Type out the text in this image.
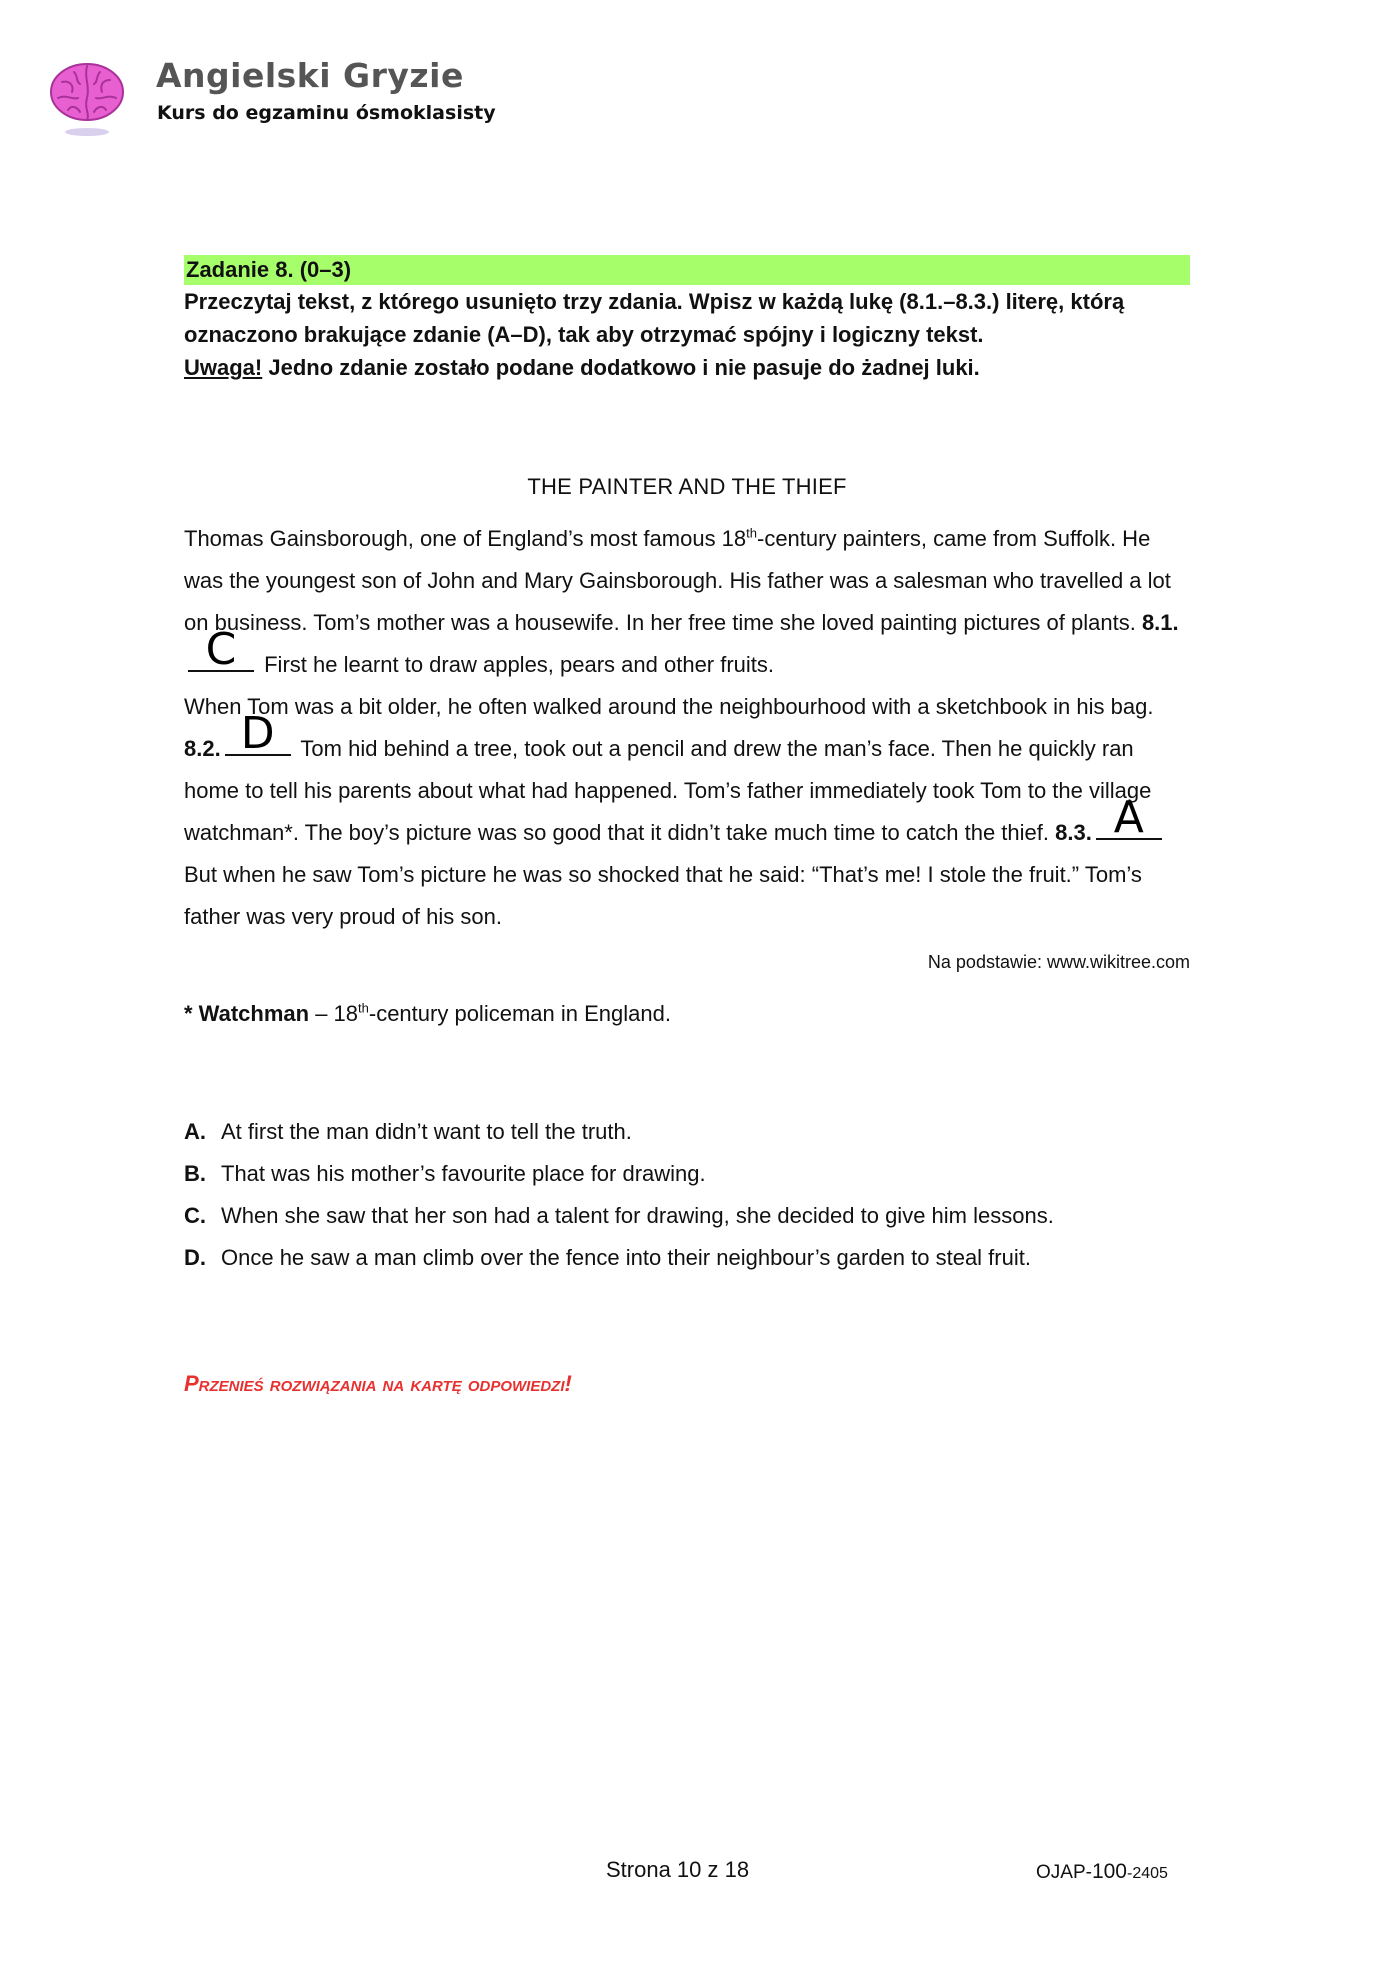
Angielski Gryzie
Kurs do egzaminu ósmoklasisty
Zadanie 8. (0–3)
Przeczytaj tekst, z którego usunięto trzy zdania. Wpisz w każdą lukę (8.1.–8.3.) literę, którą oznaczono brakujące zdanie (A–D), tak aby otrzymać spójny i logiczny tekst.
Uwaga! Jedno zdanie zostało podane dodatkowo i nie pasuje do żadnej luki.
THE PAINTER AND THE THIEF

Thomas Gainsborough, one of England’s most famous 18th-century painters, came from Suffolk. He was the youngest son of John and Mary Gainsborough. His father was a salesman who travelled a lot on business. Tom’s mother was a housewife. In her free time she loved painting pictures of plants. 8.1.
C First he learnt to draw apples, pears and other fruits.

When Tom was a bit older, he often walked around the neighbourhood with a sketchbook in his bag. 8.2. D Tom hid behind a tree, took out a pencil and drew the man’s face. Then he quickly ran home to tell his parents about what had happened. Tom’s father immediately took Tom to the village watchman*. The boy’s picture was so good that it didn’t take much time to catch the thief. 8.3. A
But when he saw Tom’s picture he was so shocked that he said: “That’s me! I stole the fruit.” Tom’s father was very proud of his son.

Na podstawie: www.wikitree.com
* Watchman – 18th-century policeman in England.
A. At first the man didn’t want to tell the truth.
B. That was his mother’s favourite place for drawing.
C. When she saw that her son had a talent for drawing, she decided to give him lessons.
D. Once he saw a man climb over the fence into their neighbour’s garden to steal fruit.
Przenieś rozwiązania na kartę odpowiedzi!
Strona 10 z 18	OJAP-100-2405
